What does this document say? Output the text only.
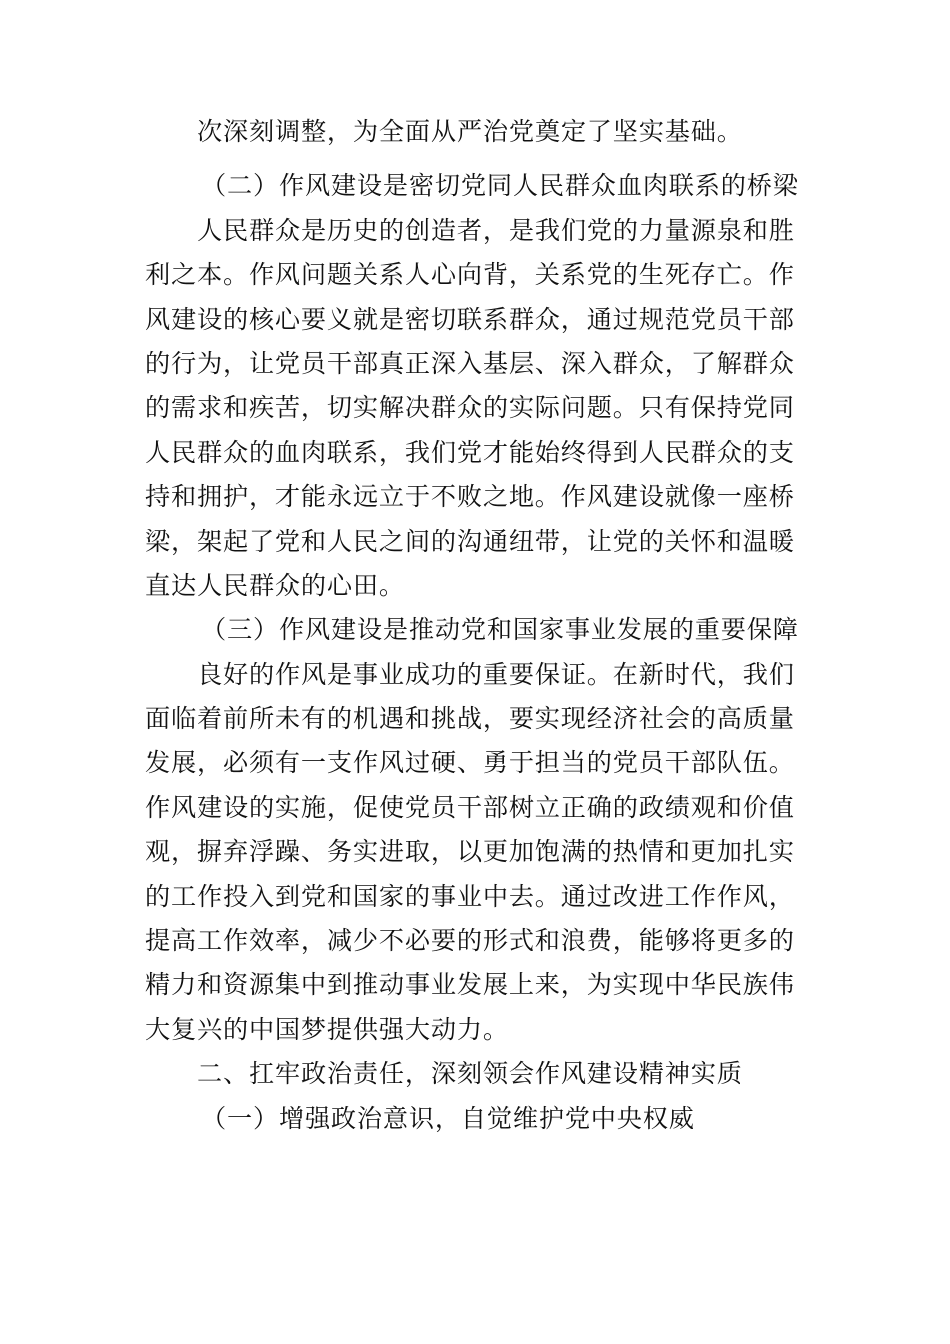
次深刻调整，为全面从严治党奠定了坚实基础。
（二）作风建设是密切党同人民群众血肉联系的桥梁
人民群众是历史的创造者，是我们党的力量源泉和胜
利之本。作风问题关系人心向背，关系党的生死存亡。作
风建设的核心要义就是密切联系群众，通过规范党员干部
的行为，让党员干部真正深入基层、深入群众，了解群众
的需求和疾苦，切实解决群众的实际问题。只有保持党同
人民群众的血肉联系，我们党才能始终得到人民群众的支
持和拥护，才能永远立于不败之地。作风建设就像一座桥
梁，架起了党和人民之间的沟通纽带，让党的关怀和温暖
直达人民群众的心田。
（三）作风建设是推动党和国家事业发展的重要保障
良好的作风是事业成功的重要保证。在新时代，我们
面临着前所未有的机遇和挑战，要实现经济社会的高质量
发展，必须有一支作风过硬、勇于担当的党员干部队伍。
作风建设的实施，促使党员干部树立正确的政绩观和价值
观，摒弃浮躁、务实进取，以更加饱满的热情和更加扎实
的工作投入到党和国家的事业中去。通过改进工作作风，
提高工作效率，减少不必要的形式和浪费，能够将更多的
精力和资源集中到推动事业发展上来，为实现中华民族伟
大复兴的中国梦提供强大动力。
二、扛牢政治责任，深刻领会作风建设精神实质
（一）增强政治意识，自觉维护党中央权威
